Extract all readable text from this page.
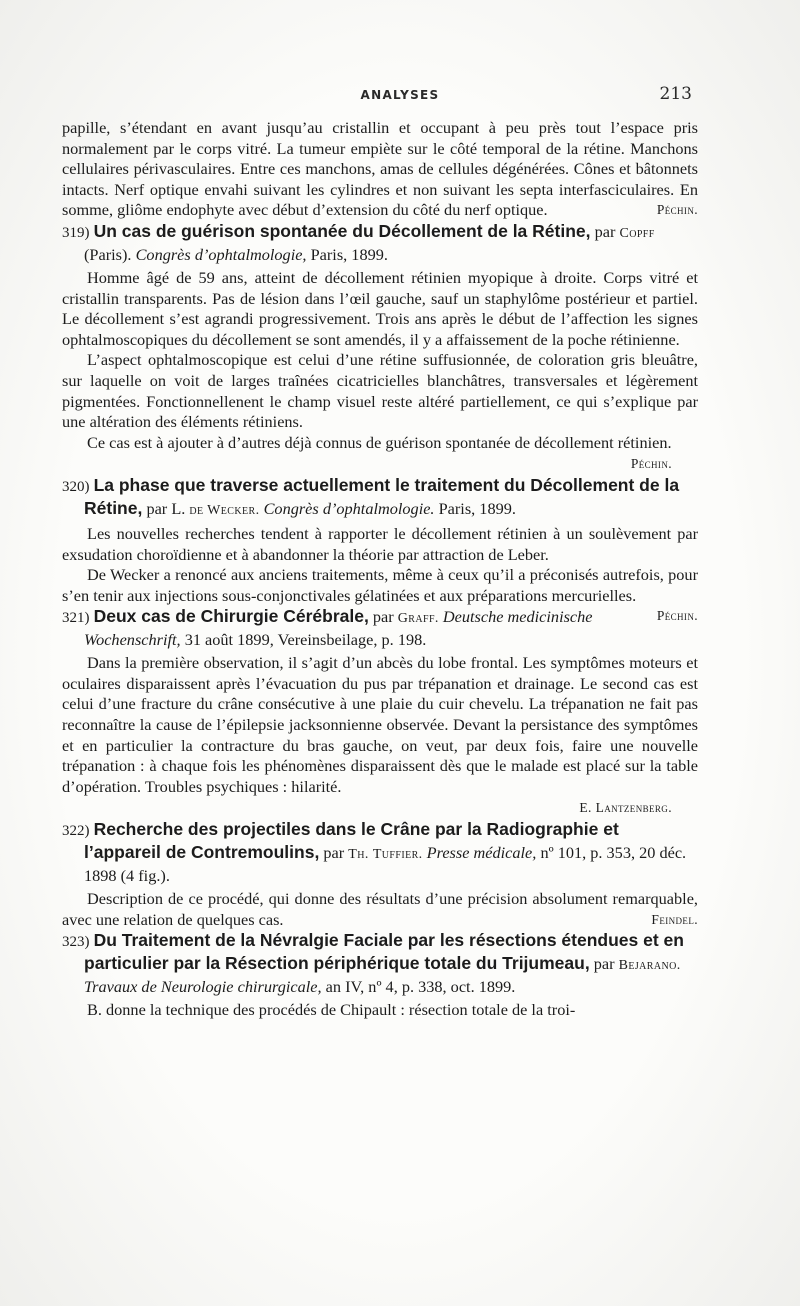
ANALYSES	213

papille, s’étendant en avant jusqu’au cristallin et occupant à peu près tout l’espace pris normalement par le corps vitré. La tumeur empiète sur le côté temporal de la rétine. Manchons cellulaires périvasculaires. Entre ces manchons, amas de cellules dégénérées. Cônes et bâtonnets intacts. Nerf optique envahi suivant les cylindres et non suivant les septa interfasciculaires. En somme, gliôme endophyte avec début d’extension du côté du nerf optique.	Péchin.

319) Un cas de guérison spontanée du Décollement de la Rétine, par Copff (Paris). Congrès d’ophtalmologie, Paris, 1899.

Homme âgé de 59 ans, atteint de décollement rétinien myopique à droite. Corps vitré et cristallin transparents. Pas de lésion dans l’œil gauche, sauf un staphylôme postérieur et partiel. Le décollement s’est agrandi progressivement. Trois ans après le début de l’affection les signes ophtalmoscopiques du décollement se sont amendés, il y a affaissement de la poche rétinienne.

L’aspect ophtalmoscopique est celui d’une rétine suffusionnée, de coloration gris bleuâtre, sur laquelle on voit de larges traînées cicatricielles blanchâtres, transversales et légèrement pigmentées. Fonctionnellenent le champ visuel reste altéré partiellement, ce qui s’explique par une altération des éléments rétiniens.

Ce cas est à ajouter à d’autres déjà connus de guérison spontanée de décollement rétinien.

Péchin.

320) La phase que traverse actuellement le traitement du Décollement de la Rétine, par L. de Wecker. Congrès d’ophtalmologie. Paris, 1899.

Les nouvelles recherches tendent à rapporter le décollement rétinien à un soulèvement par exsudation choroïdienne et à abandonner la théorie par attraction de Leber.

De Wecker a renoncé aux anciens traitements, même à ceux qu’il a préconisés autrefois, pour s’en tenir aux injections sous-conjonctivales gélatinées et aux préparations mercurielles.
Péchin.

321) Deux cas de Chirurgie Cérébrale, par Graff. Deutsche medicinische Wochenschrift, 31 août 1899, Vereinsbeilage, p. 198.

Dans la première observation, il s’agit d’un abcès du lobe frontal. Les symptômes moteurs et oculaires disparaissent après l’évacuation du pus par trépanation et drainage. Le second cas est celui d’une fracture du crâne consécutive à une plaie du cuir chevelu. La trépanation ne fait pas reconnaître la cause de l’épilepsie jacksonnienne observée. Devant la persistance des symptômes et en particulier la contracture du bras gauche, on veut, par deux fois, faire une nouvelle trépanation : à chaque fois les phénomènes disparaissent dès que le malade est placé sur la table d’opération. Troubles psychiques : hilarité.

E. Lantzenberg.

322) Recherche des projectiles dans le Crâne par la Radiographie et l’appareil de Contremoulins, par Th. Tuffier. Presse médicale, nº 101, p. 353, 20 déc. 1898 (4 fig.).

Description de ce procédé, qui donne des résultats d’une précision absolument remarquable, avec une relation de quelques cas.	Feindel.

323) Du Traitement de la Névralgie Faciale par les résections étendues et en particulier par la Résection périphérique totale du Trijumeau, par Bejarano. Travaux de Neurologie chirurgicale, an IV, nº 4, p. 338, oct. 1899.

B. donne la technique des procédés de Chipault : résection totale de la troi-
